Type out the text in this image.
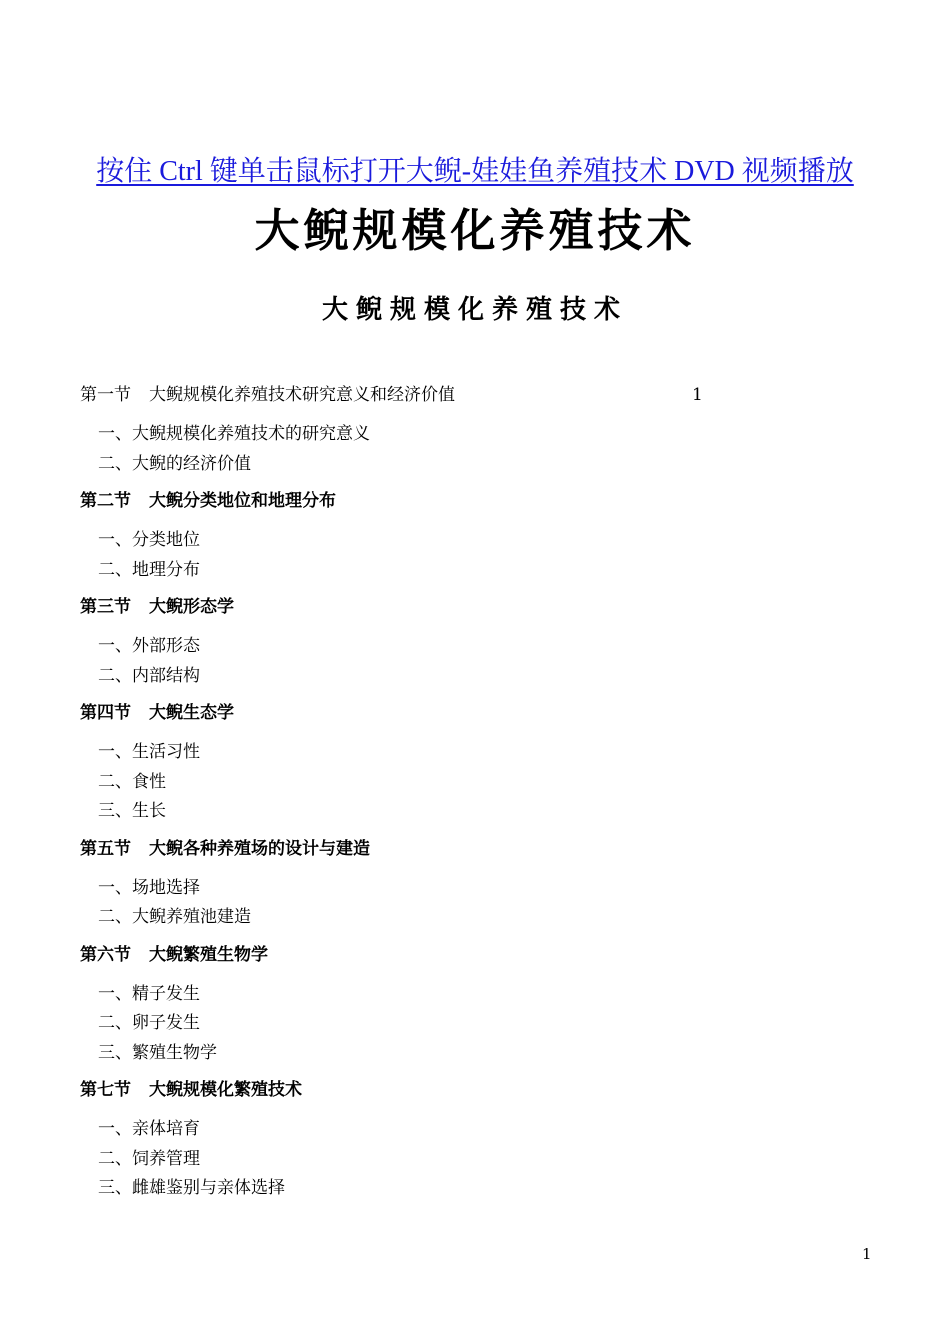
按住 Ctrl 键单击鼠标打开大鲵-娃娃鱼养殖技术 DVD 视频播放
大鲵规模化养殖技术
大鲵规模化养殖技术
第一节 大鲵规模化养殖技术研究意义和经济价值	1
一、大鲵规模化养殖技术的研究意义
二、大鲵的经济价值
第二节 大鲵分类地位和地理分布
一、分类地位
二、地理分布
第三节 大鲵形态学
一、外部形态
二、内部结构
第四节 大鲵生态学
一、生活习性
二、食性
三、生长
第五节 大鲵各种养殖场的设计与建造
一、场地选择
二、大鲵养殖池建造
第六节 大鲵繁殖生物学
一、精子发生
二、卵子发生
三、繁殖生物学
第七节 大鲵规模化繁殖技术
一、亲体培育
二、饲养管理
三、雌雄鉴别与亲体选择
1
